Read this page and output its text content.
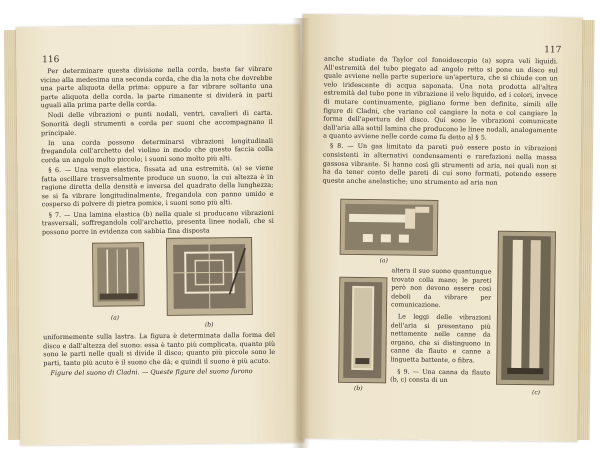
116

Per determinare questa divisione nella corda, basta far vibrare vicino alla medesima una seconda corda, che dia la nota che dovrebbe una parte aliquota della prima: oppure a far vibrare soltanto una parte aliquota della corda, la parte rimanente si dividerà in parti uguali alla prima parte della corda.

Nodi delle vibrazioni o punti nodali, ventri, cavalieri di carta. Sonorità degli strumenti a corda per suoni che accompagnano il principale.

In una corda possono determinarsi vibrazioni longitudinali fregandola coll'archetto del violino in modo che questo faccia colla corda un angolo molto piccolo; i suoni sono molto più alti.

§ 6. — Una verga elastica, fissata ad una estremità, (a) se viene fatta oscillare trasversalmente produce un suono, la cui altezza è in ragione diretta della densità e inversa del quadrato della lunghezza; se si fa vibrare longitudinalmente, fregandola con panno umido e cosperso di polvere di pietra pomice, i suoni sono più alti.

§ 7. — Una lamina elastica (b) nella quale si producano vibrazioni trasversali, soffregandola coll'archetto, presenta linee nodali, che si possono porre in evidenza con sabbia fina disposta

(a)
(b)

uniformemente sulla lastra. La figura è determinata dalla forma del disco e dall'altezza del suono: essa è tanto più complicata, quanto più sono le parti nelle quali si divide il disco; quanto più piccole sono le parti, tanto più acuto è il suono che dà; e quindi il suono è più acuto.

Figure del suono di Cladni. — Queste figure del suono furono

117

anche studiate da Taylor col fonoidoscopio (a) sopra veli liquidi. All'estremità del tubo piegato ad angolo retto si pone un disco sul quale avviene nella parte superiore un'apertura, che si chiude con un velo iridescente di acqua saponata. Una nota prodotta all'altra estremità del tubo pone in vibrazione il velo liquido, ed i colori, invece di mutare continuamente, pigliano forme ben definite, simili alle figure di Cladni, che variano col cangiare la nota e col cangiare la forma dell'apertura del disco. Qui sono le vibrazioni comunicate dall'aria alla sottil lamina che producono le linee nodali, analogamente a quanto avviene nelle corde come fu detto al § 5.

§ 8. — Un gas limitato da pareti può essere posto in vibrazioni consistenti in alternativi condensamenti e rarefazioni nella massa gassosa vibrante. Si hanno così gli strumenti ad aria, nei quali non si ha da tener conto delle pareti di cui sono formati, potendo essere queste anche anelastiche; uno strumento ad aria non

(a)
(b)

altera il suo suono quantunque trovato colla mano; le pareti però non devono essere così deboli da vibrare per comunicazione.

Le leggi delle vibrazioni dell'aria si presentano più nettamente nelle canne da organo, che si distinguono in canne da flauto e canne a linguetta battente, o fibra.

§ 9. — Una canna da flauto (b, c) consta di un

(c)
